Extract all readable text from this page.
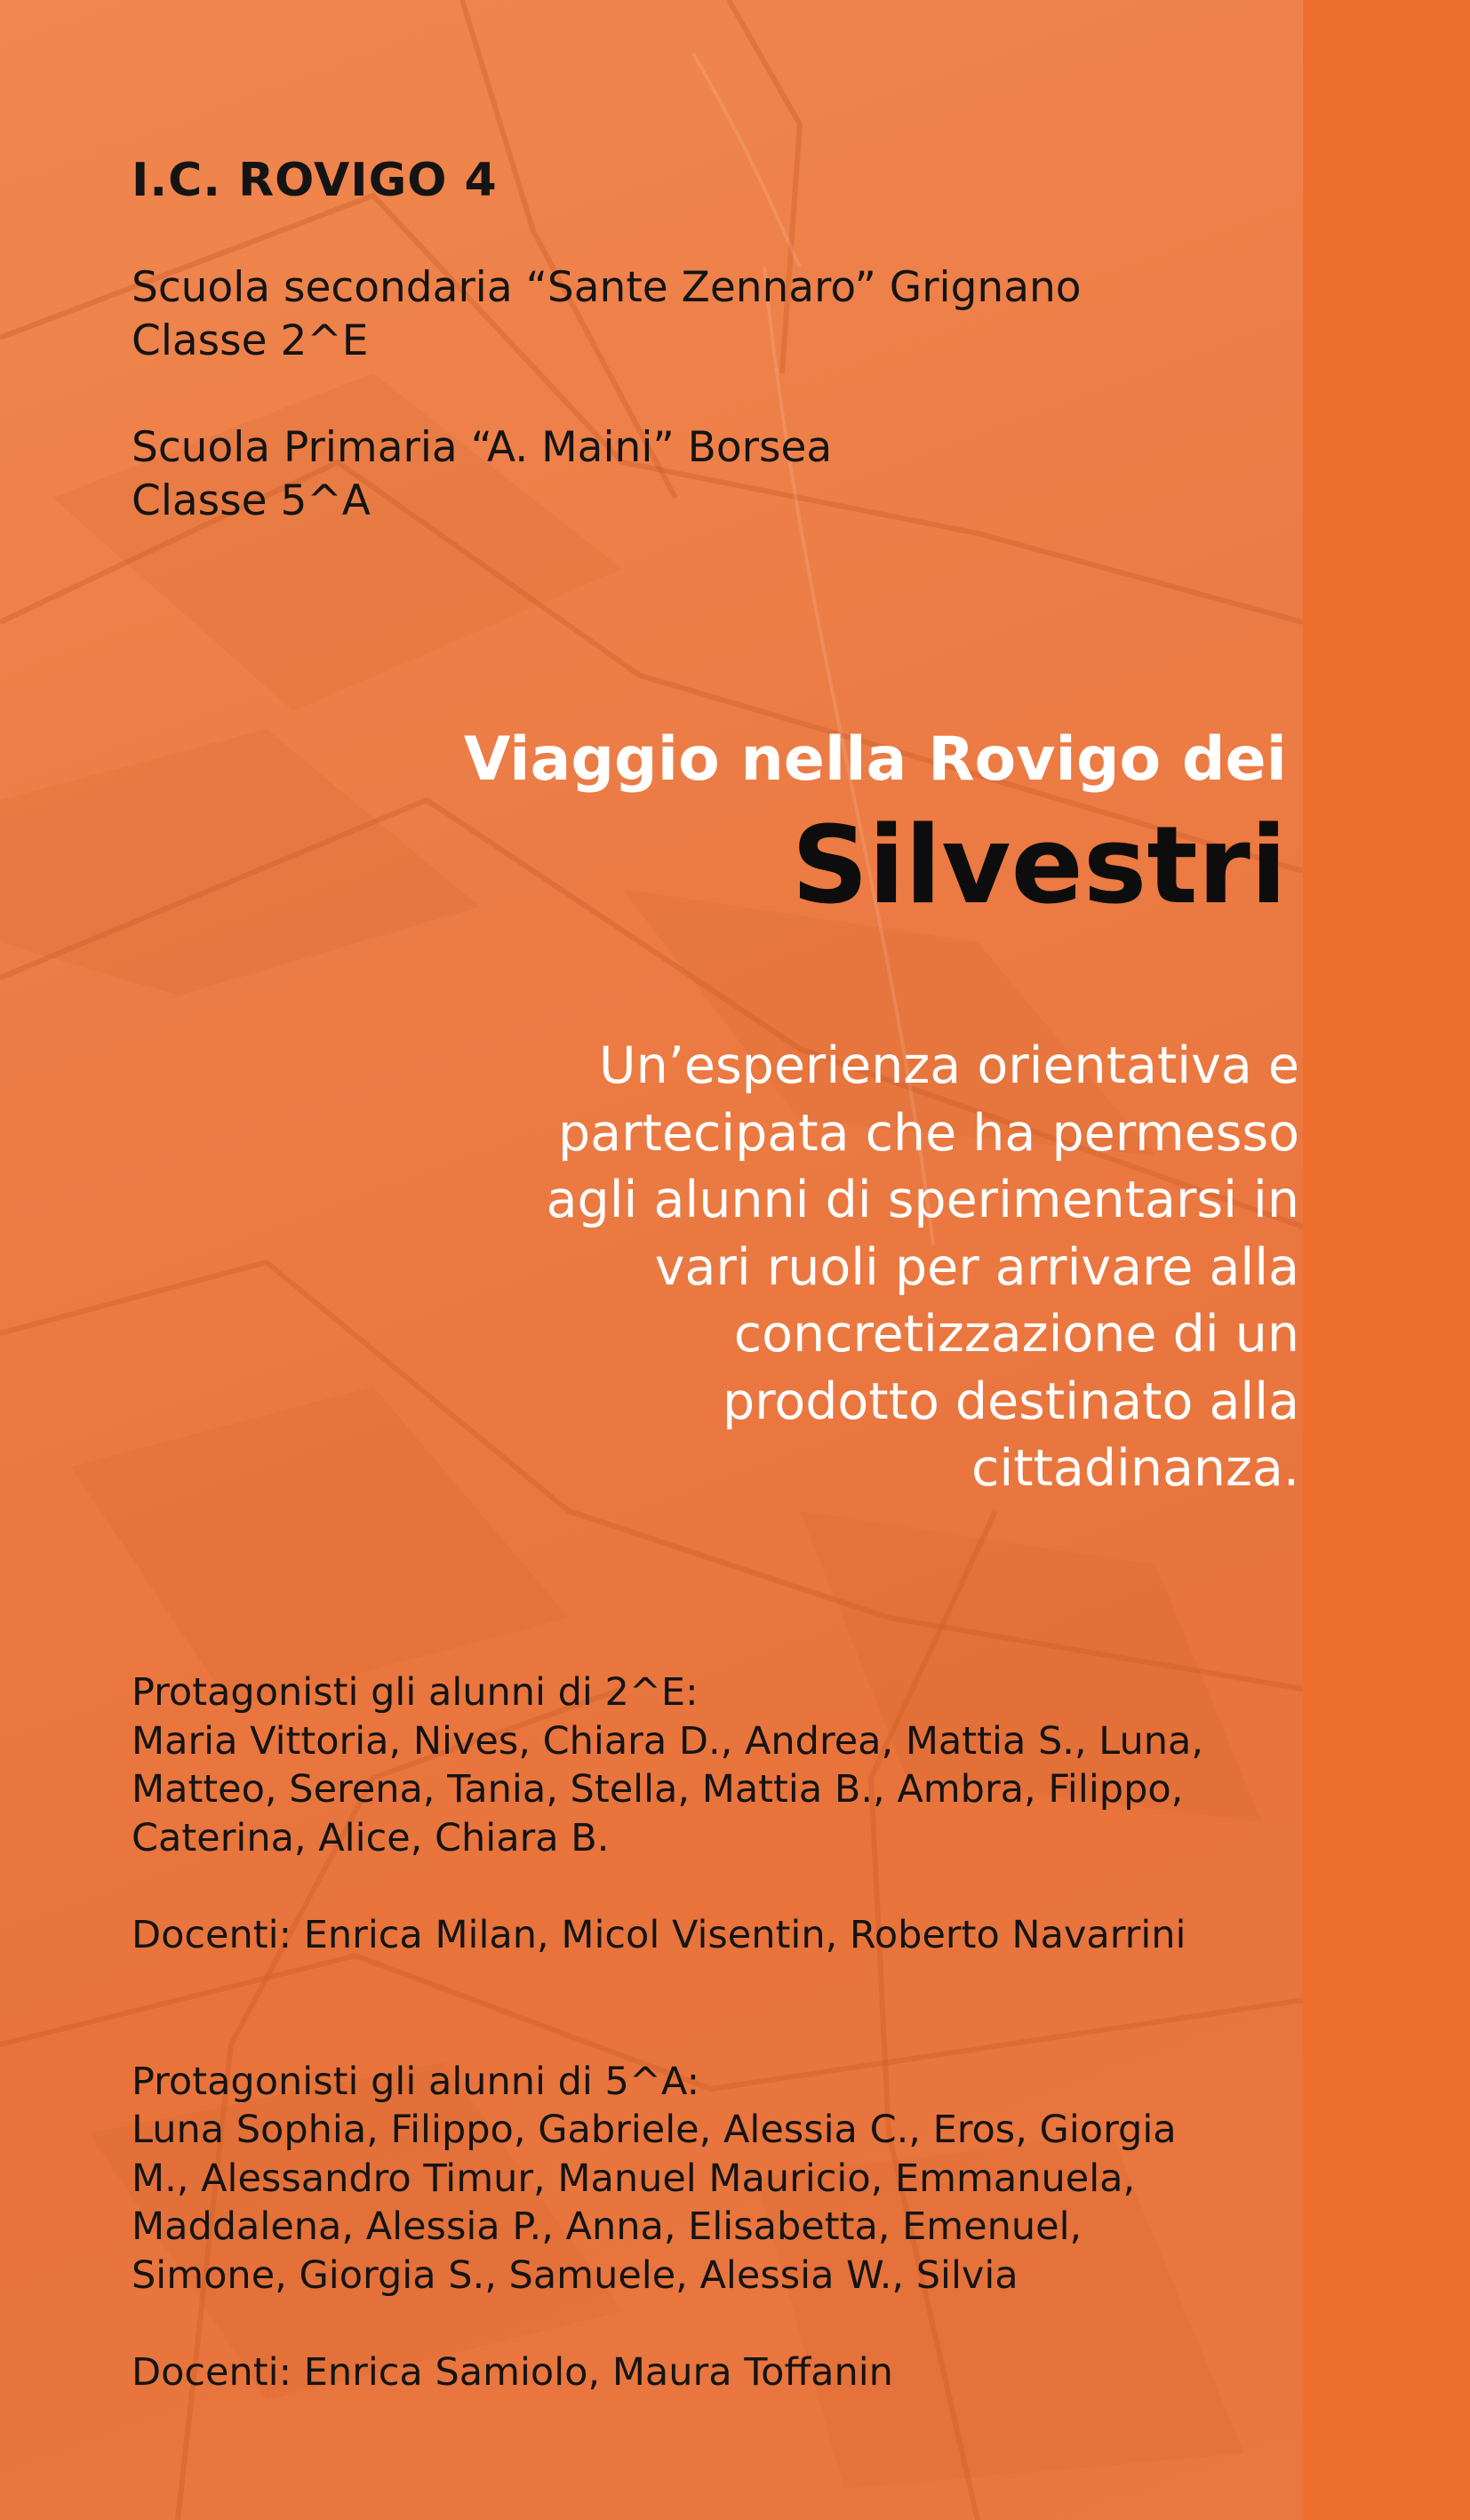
I.C. ROVIGO 4

Scuola secondaria “Sante Zennaro” Grignano

Classe 2^E

Scuola Primaria “A. Maini” Borsea

Classe 5^A

Viaggio nella Rovigo dei

Silvestri

Un’esperienza orientativa e
partecipata che ha permesso
agli alunni di sperimentarsi in
vari ruoli per arrivare alla
concretizzazione di un
prodotto destinato alla
cittadinanza.

Protagonisti gli alunni di 2^E:

Maria Vittoria, Nives, Chiara D., Andrea, Mattia S., Luna,

Matteo, Serena, Tania, Stella, Mattia B., Ambra, Filippo,

Caterina, Alice, Chiara B.

Docenti: Enrica Milan, Micol Visentin, Roberto Navarrini

Protagonisti gli alunni di 5^A:

Luna Sophia, Filippo, Gabriele, Alessia C., Eros, Giorgia

M., Alessandro Timur, Manuel Mauricio, Emmanuela,

Maddalena, Alessia P., Anna, Elisabetta, Emenuel,

Simone, Giorgia S., Samuele, Alessia W., Silvia

Docenti: Enrica Samiolo, Maura Toffanin
